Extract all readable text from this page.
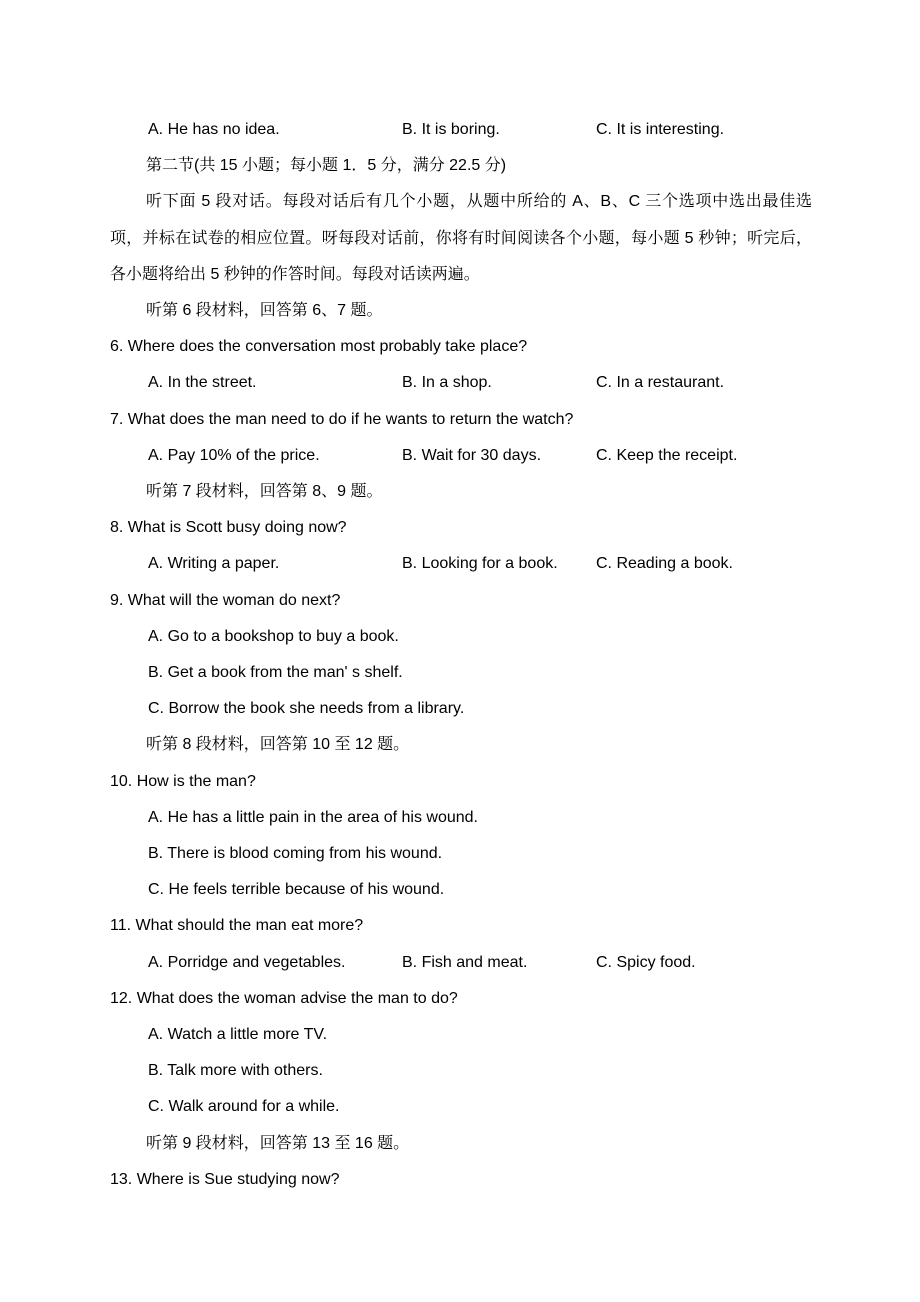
A. He has no idea.	B. It is boring.	C. It is interesting.
第二节(共 15 小题；每小题 1．5 分，满分 22.5 分)
听下面 5 段对话。每段对话后有几个小题，从题中所给的 A、B、C 三个选项中选出最佳选项，并标在试卷的相应位置。呀每段对话前，你将有时间阅读各个小题，每小题 5 秒钟；听完后，各小题将给出 5 秒钟的作答时间。每段对话读两遍。
听第 6 段材料，回答第 6、7 题。
6. Where does the conversation most probably take place?
A. In the street.	B. In a shop.	C. In a restaurant.
7. What does the man need to do if he wants to return the watch?
A. Pay 10% of the price.	B. Wait for 30 days.	C. Keep the receipt.
听第 7 段材料，回答第 8、9 题。
8. What is Scott busy doing now?
A. Writing a paper.	B. Looking for a book.	C. Reading a book.
9. What will the woman do next?
A. Go to a bookshop to buy a book.
B. Get a book from the man' s shelf.
C. Borrow the book she needs from a library.
听第 8 段材料，回答第 10 至 12 题。
10. How is the man?
A. He has a little pain in the area of his wound.
B. There is blood coming from his wound.
C. He feels terrible because of his wound.
11. What should the man eat more?
A. Porridge and vegetables.	B. Fish and meat.	C. Spicy food.
12. What does the woman advise the man to do?
A. Watch a little more TV.
B. Talk more with others.
C. Walk around for a while.
听第 9 段材料，回答第 13 至 16 题。
13. Where is Sue studying now?
